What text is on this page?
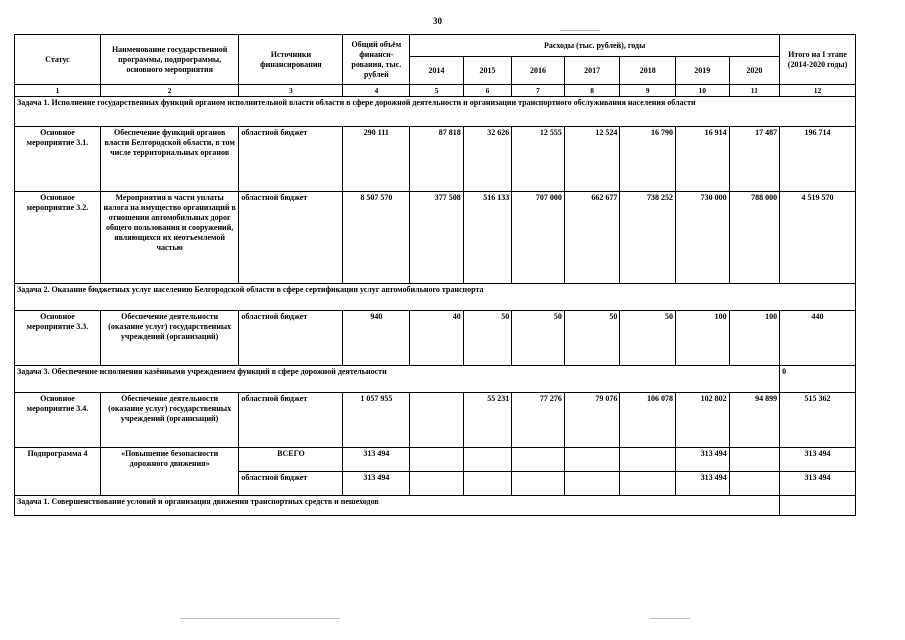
30
Статус	Наименование государственной программы, подпрограммы, основного мероприятия	Источники финансирования	Общий объём финанси-рования, тыс. рублей	Расходы (тыс. рублей), годы							Итого на I этапе (2014-2020 годы)
				2014	2015	2016	2017	2018	2019	2020	
1	2	3	4	5	6	7	8	9	10	11	12
Задача 1. Исполнение государственных функций органом исполнительной власти области в сфере дорожной деятельности и организации транспортного обслуживания населения области											
Основное мероприятие 3.1.	Обеспечение функций органов власти Белгородской области, в том числе территориальных органов	областной бюджет	290 111	87 818	32 626	12 555	12 524	16 790	16 914	17 487	196 714
Основное мероприятие 3.2.	Мероприятия в части уплаты налога на имущество организаций в отношении автомобильных дорог общего пользования и сооружений, являющихся их неотъемлемой частью	областной бюджет	8 507 570	377 508	516 133	707 000	662 677	738 252	730 000	788 000	4 519 570
Задача 2. Оказание бюджетных услуг населению Белгородской области в сфере сертификации услуг автомобильного транспорта											
Основное мероприятие 3.3.	Обеспечение деятельности (оказание услуг) государственных учреждений (организаций)	областной бюджет	940	40	50	50	50	50	100	100	440
Задача 3. Обеспечение исполнения казёнными учреждением функций в сфере дорожной деятельности											0
Основное мероприятие 3.4.	Обеспечение деятельности (оказание услуг) государственных учреждений (организаций)	областной бюджет	1 057 955		55 231	77 276	79 076	106 078	102 802	94 899	515 362
Подпрограмма 4	«Повышение безопасности дорожного движения»	ВСЕГО	313 494						313 494		313 494
		областной бюджет	313 494						313 494		313 494
Задача 1. Совершенствование условий и организация движения транспортных средств и пешеходов											
